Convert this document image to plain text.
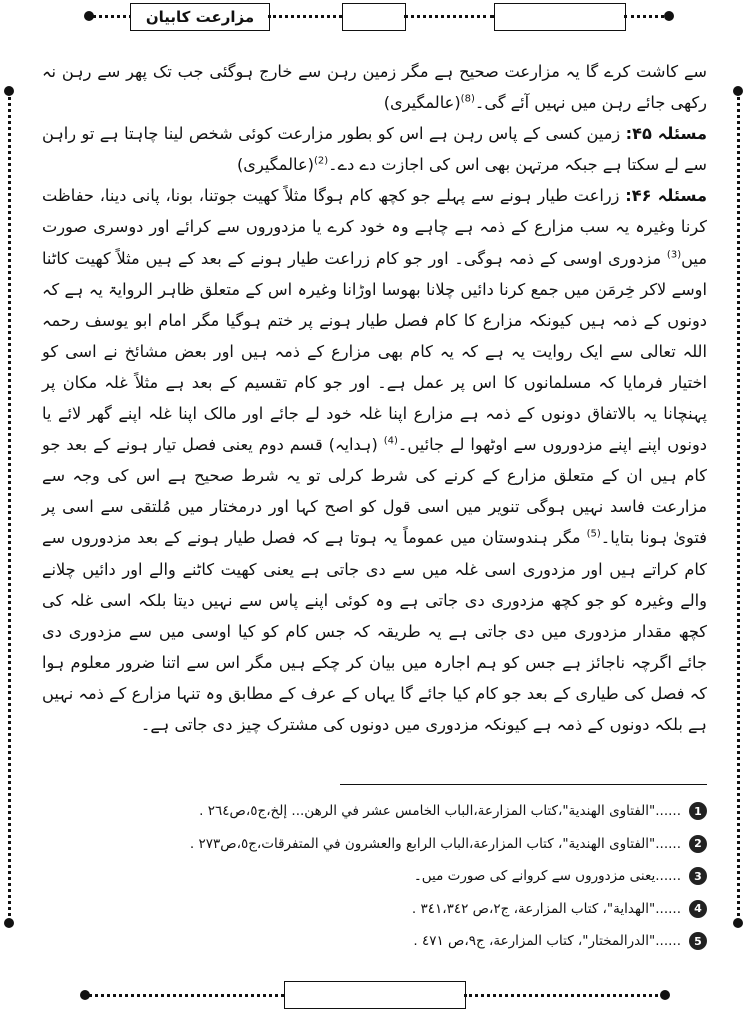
مزارعت کابیان

سے کاشت کرے گا یہ مزارعت صحیح ہے مگر زمین رہن سے خارج ہوگئی جب تک پھر سے رہن نہ رکھی جائے رہن میں نہیں آئے گی۔$^{(8)}$(عالمگیری)

مسئلہ ۴۵: زمین کسی کے پاس رہن ہے اس کو بطور مزارعت کوئی شخص لینا چاہتا ہے تو راہن سے لے سکتا ہے جبکہ مرتہن بھی اس کی اجازت دے دے۔$^{(2)}$(عالمگیری)

مسئلہ ۴۶: زراعت طیار ہونے سے پہلے جو کچھ کام ہوگا مثلاً کھیت جوتنا، بونا، پانی دینا، حفاظت کرنا وغیرہ یہ سب مزارع کے ذمہ ہے چاہے وہ خود کرے یا مزدوروں سے کرائے اور دوسری صورت میں$^{(3)}$ مزدوری اوسی کے ذمہ ہوگی۔ اور جو کام زراعت طیار ہونے کے بعد کے ہیں مثلاً کھیت کاٹنا اوسے لاکر خِرمَن میں جمع کرنا دائیں چلانا بھوسا اوڑانا وغیرہ اس کے متعلق ظاہر الروایۃ یہ ہے کہ دونوں کے ذمہ ہیں کیونکہ مزارع کا کام فصل طیار ہونے پر ختم ہوگیا مگر امام ابو یوسف رحمہ اللہ تعالی سے ایک روایت یہ ہے کہ یہ کام بھی مزارع کے ذمہ ہیں اور بعض مشائخ نے اسی کو اختیار فرمایا کہ مسلمانوں کا اس پر عمل ہے۔ اور جو کام تقسیم کے بعد ہے مثلاً غلہ مکان پر پہنچانا یہ بالاتفاق دونوں کے ذمہ ہے مزارع اپنا غلہ خود لے جائے اور مالک اپنا غلہ اپنے گھر لائے یا دونوں اپنے اپنے مزدوروں سے اوٹھوا لے جائیں۔$^{(4)}$ (ہدایہ) قسم دوم یعنی فصل تیار ہونے کے بعد جو کام ہیں ان کے متعلق مزارع کے کرنے کی شرط کرلی تو یہ شرط صحیح ہے اس کی وجہ سے مزارعت فاسد نہیں ہوگی تنویر میں اسی قول کو اصح کہا اور درمختار میں مُلتقی سے اسی پر فتویٰ ہونا بتایا۔$^{(5)}$ مگر ہندوستان میں عموماً یہ ہوتا ہے کہ فصل طیار ہونے کے بعد مزدوروں سے کام کراتے ہیں اور مزدوری اسی غلہ میں سے دی جاتی ہے یعنی کھیت کاٹنے والے اور دائیں چلانے والے وغیرہ کو جو کچھ مزدوری دی جاتی ہے وہ کوئی اپنے پاس سے نہیں دیتا بلکہ اسی غلہ کی کچھ مقدار مزدوری میں دی جاتی ہے یہ طریقہ کہ جس کام کو کیا اوسی میں سے مزدوری دی جائے اگرچہ ناجائز ہے جس کو ہم اجارہ میں بیان کر چکے ہیں مگر اس سے اتنا ضرور معلوم ہوا کہ فصل کی طیاری کے بعد جو کام کیا جائے گا یہاں کے عرف کے مطابق وہ تنہا مزارع کے ذمہ نہیں ہے بلکہ دونوں کے ذمہ ہے کیونکہ مزدوری میں دونوں کی مشترک چیز دی جاتی ہے۔

1
......"الفتاوى الهندية"،كتاب المزارعة،الباب الخامس عشر في الرهن... إلخ،ج٥،ص٢٦٤ .
2
......"الفتاوى الهندية"، كتاب المزارعة،الباب الرابع والعشرون في المتفرقات،ج٥،ص٢٧٣ .
3
......یعنی مزدوروں سے کروانے کی صورت میں۔
4
......"الهداية"، كتاب المزارعة، ج٢،ص ٣٤١،٣٤٢ .
5
......"الدرالمختار"، كتاب المزارعة، ج٩،ص ٤٧١ .
